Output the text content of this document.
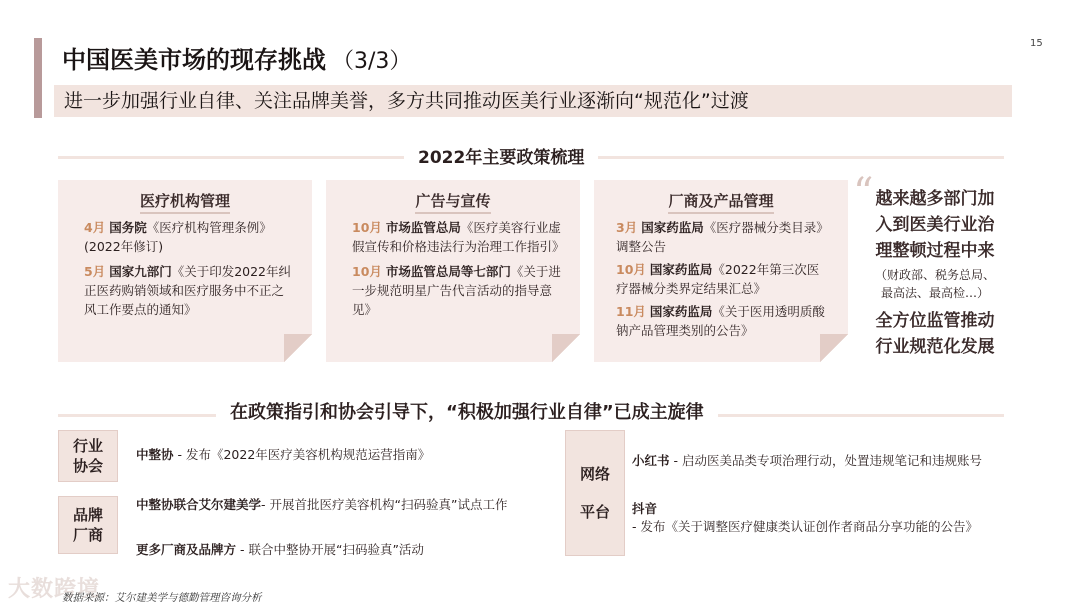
中国医美市场的现存挑战 （3/3）
15
进一步加强行业自律、关注品牌美誉，多方共同推动医美行业逐渐向“规范化”过渡
2022年主要政策梳理
医疗机构管理

4月 国务院《医疗机构管理条例》(2022年修订)

5月 国家九部门《关于印发2022年纠正医药购销领域和医疗服务中不正之风工作要点的通知》

广告与宣传

10月 市场监管总局《医疗美容行业虚假宣传和价格违法行为治理工作指引》

10月 市场监管总局等七部门《关于进一步规范明星广告代言活动的指导意见》

厂商及产品管理

3月 国家药监局《医疗器械分类目录》调整公告

10月 国家药监局《2022年第三次医疗器械分类界定结果汇总》

11月 国家药监局《关于医用透明质酸钠产品管理类别的公告》

“ 越来越多部门加
入到医美行业治
理整顿过程中来
（财政部、税务总局、
最高法、最高检…）
全方位监管推动
行业规范化发展
在政策指引和协会引导下，“积极加强行业自律”已成主旋律
行业
协会
中整协 - 发布《2022年医疗美容机构规范运营指南》
品牌
厂商
中整协联合艾尔建美学- 开展首批医疗美容机构“扫码验真”试点工作
更多厂商及品牌方 - 联合中整协开展“扫码验真”活动
网络
平台
小红书 - 启动医美品类专项治理行动，处置违规笔记和违规账号
抖音 - 发布《关于调整医疗健康类认证创作者商品分享功能的公告》
大数跨境
数据来源：艾尔建美学与德勤管理咨询分析
